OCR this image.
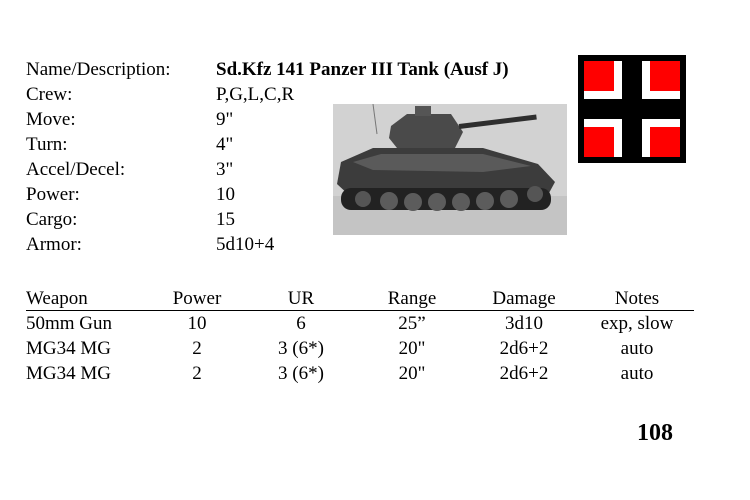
Name/Description: Sd.Kfz 141 Panzer III Tank (Ausf J)
Crew:	P,G,L,C,R
Move:	9"
Turn:	4"
Accel/Decel:	3"
Power:	10
Cargo:	15
Armor:	5d10+4
Weapon	Power	UR	Range	Damage	Notes
50mm Gun	10	6	25”	3d10	exp, slow
MG34 MG	2	3 (6*)	20"	2d6+2	auto
MG34 MG	2	3 (6*)	20"	2d6+2	auto
108
